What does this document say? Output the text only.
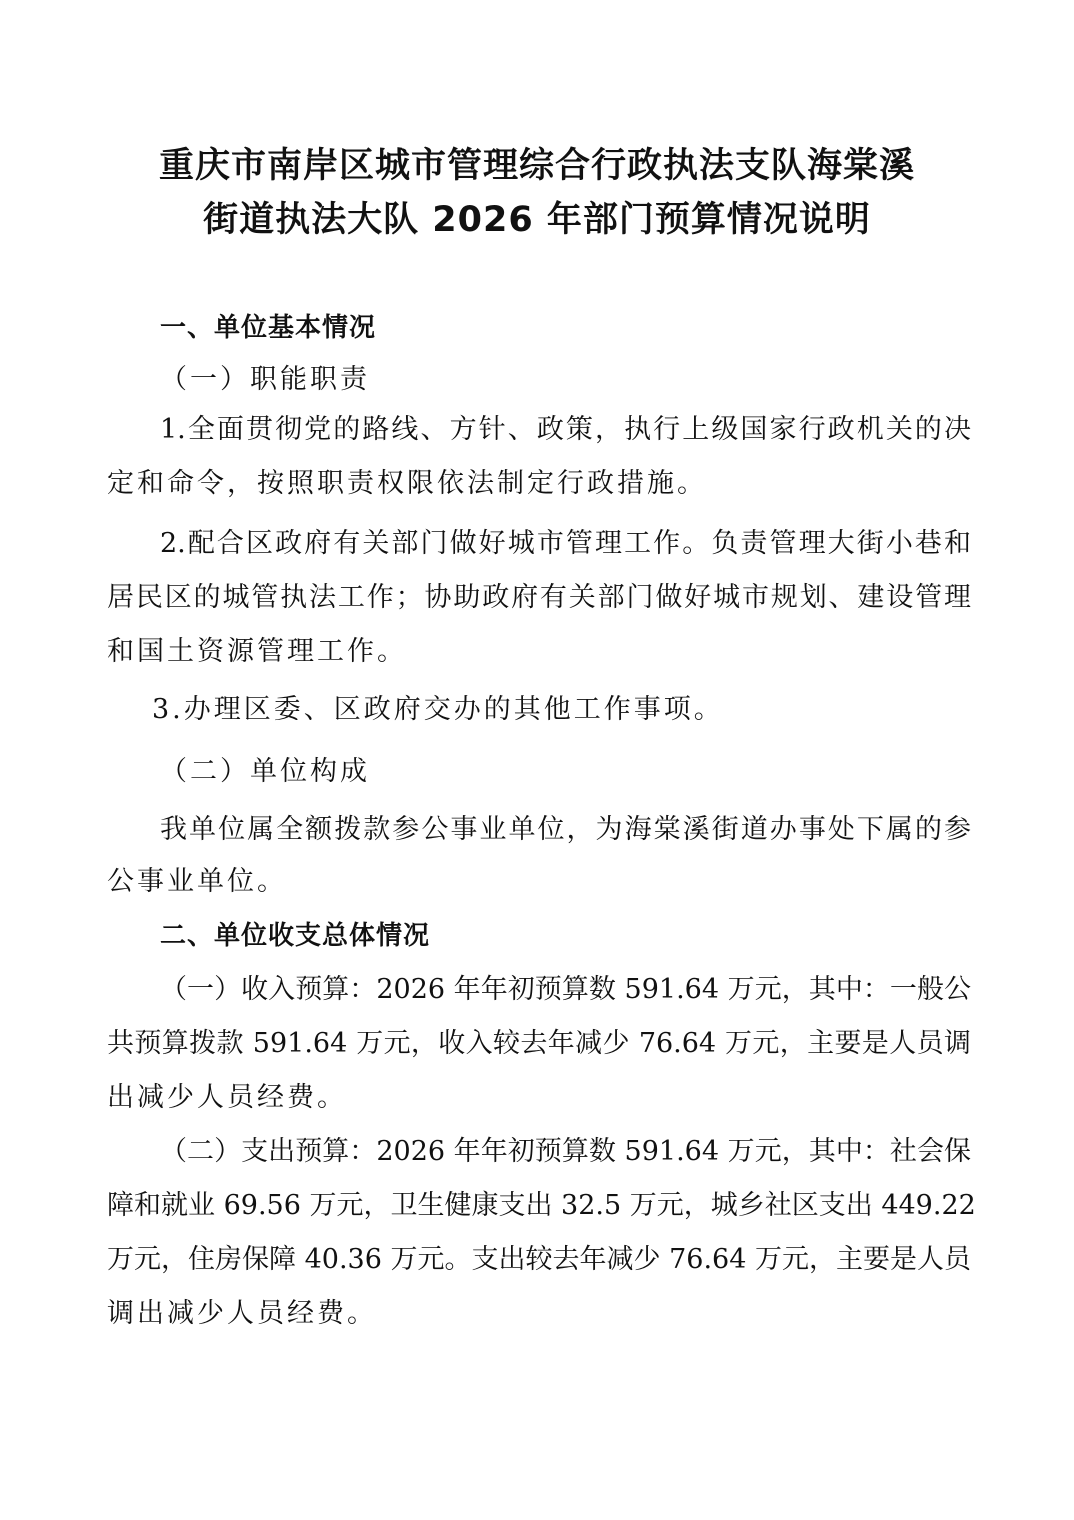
重庆市南岸区城市管理综合行政执法支队海棠溪
街道执法大队 2026 年部门预算情况说明
一、单位基本情况
（一）职能职责
1.全面贯彻党的路线、方针、政策，执行上级国家行政机关的决
定和命令，按照职责权限依法制定行政措施。
2.配合区政府有关部门做好城市管理工作。负责管理大街小巷和
居民区的城管执法工作；协助政府有关部门做好城市规划、建设管理
和国土资源管理工作。
3.办理区委、区政府交办的其他工作事项。
（二）单位构成
我单位属全额拨款参公事业单位，为海棠溪街道办事处下属的参
公事业单位。
二、单位收支总体情况
（一）收入预算：2026 年年初预算数 591.64 万元，其中：一般公
共预算拨款 591.64 万元，收入较去年减少 76.64 万元，主要是人员调
出减少人员经费。
（二）支出预算：2026 年年初预算数 591.64 万元，其中：社会保
障和就业 69.56 万元，卫生健康支出 32.5 万元，城乡社区支出 449.22
万元，住房保障 40.36 万元。支出较去年减少 76.64 万元，主要是人员
调出减少人员经费。
